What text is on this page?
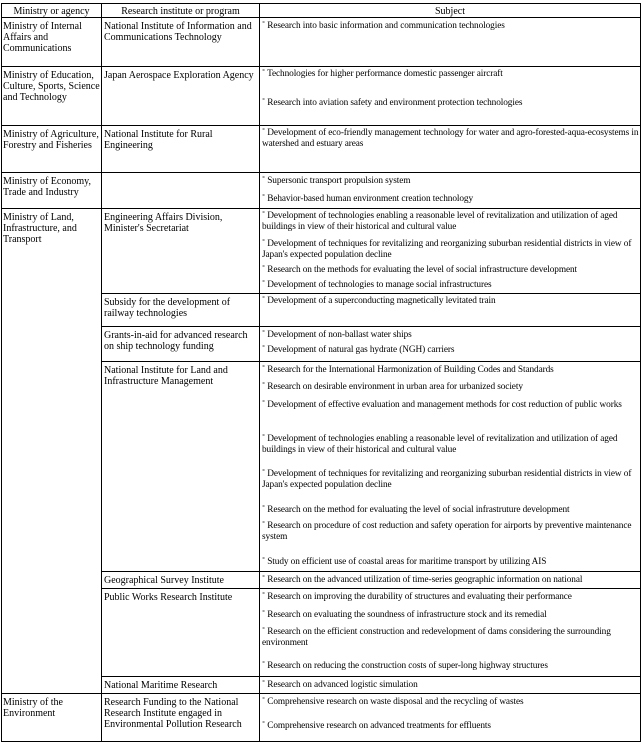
Ministry or agency	Research institute or program	Subject
Ministry of Internal Affairs and Communications
Ministry of Education, Culture, Sports, Science and Technology
Ministry of Agriculture, Forestry and Fisheries
Ministry of Economy, Trade and Industry
Ministry of Land, Infrastructure, and Transport
Ministry of the Environment
National Institute of Information and Communications Technology
Japan Aerospace Exploration Agency
National Institute for Rural Engineering
Engineering Affairs Division, Minister's Secretariat
Subsidy for the development of railway technologies
Grants-in-aid for advanced research on ship technology funding
National Institute for Land and Infrastructure Management
Geographical Survey Institute
Public Works Research Institute
National Maritime Research
Research Funding to the National Research Institute engaged in Environmental Pollution Research
˚ Research into basic information and communication technologies
˚ Technologies for higher performance domestic passenger aircraft
˚ Research into aviation safety and environment protection technologies
˚ Development of eco-friendly management technology for water and agro-forested-aqua-ecosystems in watershed and estuary areas
˚ Supersonic transport propulsion system
˚ Behavior-based human environment creation technology
˚ Development of technologies enabling a reasonable level of revitalization and utilization of aged buildings in view of their historical and cultural value
˚ Development of techniques for revitalizing and reorganizing suburban residential districts in view of Japan's expected population decline
˚ Research on the methods for evaluating the level of social infrastructure development
˚ Development of technologies to manage social infrastructures
˚ Development of a superconducting magnetically levitated train
˚ Development of non-ballast water ships
˚ Development of natural gas hydrate (NGH) carriers
˚ Research for the International Harmonization of Building Codes and Standards
˚ Research on desirable environment in urban area for urbanized society
˚ Development of effective evaluation and management methods for cost reduction of public works
˚ Development of technologies enabling a reasonable level of revitalization and utilization of aged buildings in view of their historical and cultural value
˚ Development of techniques for revitalizing and reorganizing suburban residential districts in view of Japan's expected population decline
˚ Research on the method for evaluating the level of social infrastruture development
˚ Research on procedure of cost reduction and safety operation for airports by preventive maintenance system
˚ Study on efficient use of coastal areas for maritime transport by utilizing AIS
˚ Research on the advanced utilization of time-series geographic information on national
˚ Research on improving the durability of structures and evaluating their performance
˚ Research on evaluating the soundness of infrastructure stock and its remedial
˚ Research on the efficient construction and redevelopment of dams considering the surrounding environment
˚ Research on reducing the construction costs of super-long highway structures
˚ Research on advanced logistic simulation
˚ Comprehensive research on waste disposal and the recycling of wastes
˚ Comprehensive research on advanced treatments for effluents
